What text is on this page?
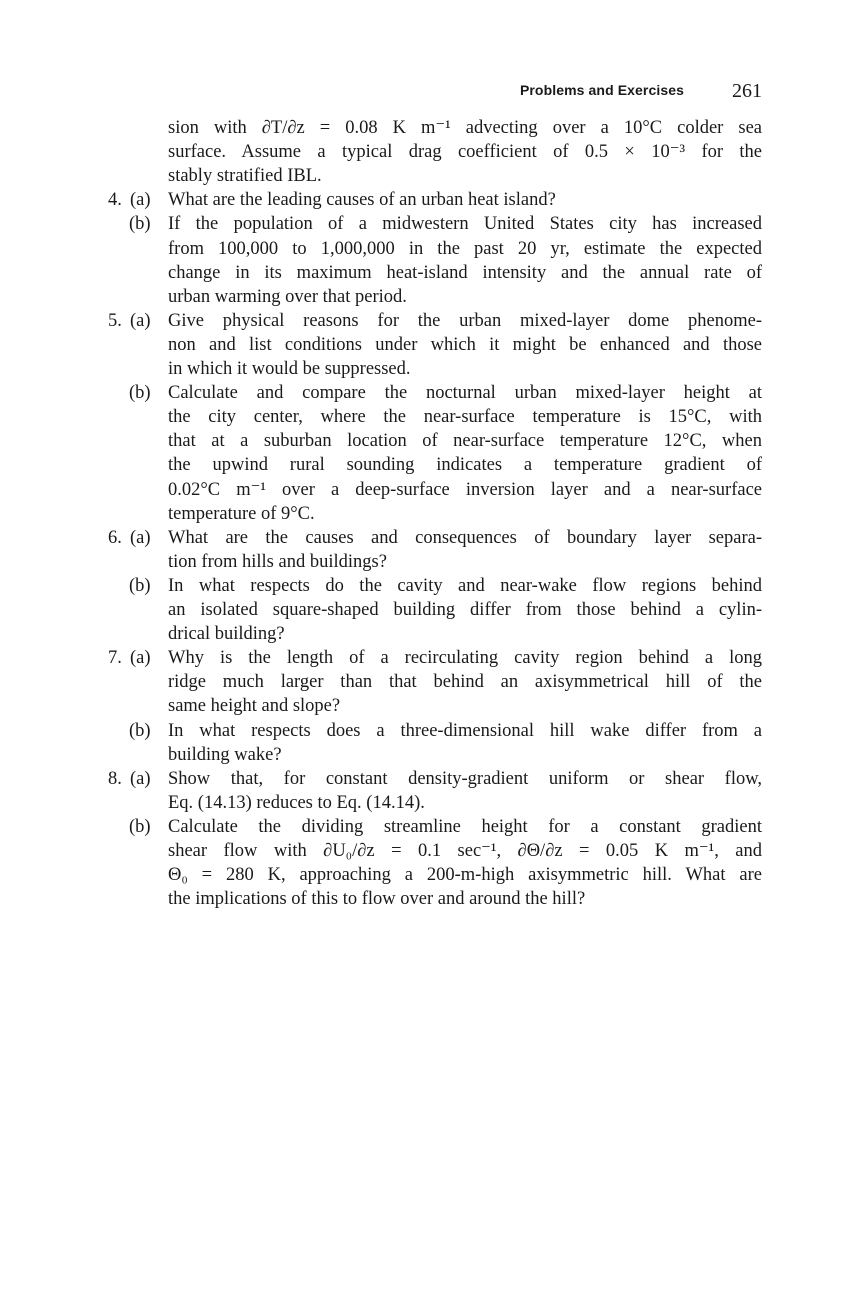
Problems and Exercises 261
sion with ∂T/∂z = 0.08 K m⁻¹ advecting over a 10°C colder sea
surface. Assume a typical drag coefficient of 0.5 × 10⁻³ for the
stably stratified IBL.
4. (a) What are the leading causes of an urban heat island?
(b) If the population of a midwestern United States city has increased
from 100,000 to 1,000,000 in the past 20 yr, estimate the expected
change in its maximum heat-island intensity and the annual rate of
urban warming over that period.
5. (a) Give physical reasons for the urban mixed-layer dome phenome-
non and list conditions under which it might be enhanced and those
in which it would be suppressed.
(b) Calculate and compare the nocturnal urban mixed-layer height at
the city center, where the near-surface temperature is 15°C, with
that at a suburban location of near-surface temperature 12°C, when
the upwind rural sounding indicates a temperature gradient of
0.02°C m⁻¹ over a deep-surface inversion layer and a near-surface
temperature of 9°C.
6. (a) What are the causes and consequences of boundary layer separa-
tion from hills and buildings?
(b) In what respects do the cavity and near-wake flow regions behind
an isolated square-shaped building differ from those behind a cylin-
drical building?
7. (a) Why is the length of a recirculating cavity region behind a long
ridge much larger than that behind an axisymmetrical hill of the
same height and slope?
(b) In what respects does a three-dimensional hill wake differ from a
building wake?
8. (a) Show that, for constant density-gradient uniform or shear flow,
Eq. (14.13) reduces to Eq. (14.14).
(b) Calculate the dividing streamline height for a constant gradient
shear flow with ∂U₀/∂z = 0.1 sec⁻¹, ∂Θ/∂z = 0.05 K m⁻¹, and
Θ₀ = 280 K, approaching a 200-m-high axisymmetric hill. What are
the implications of this to flow over and around the hill?
